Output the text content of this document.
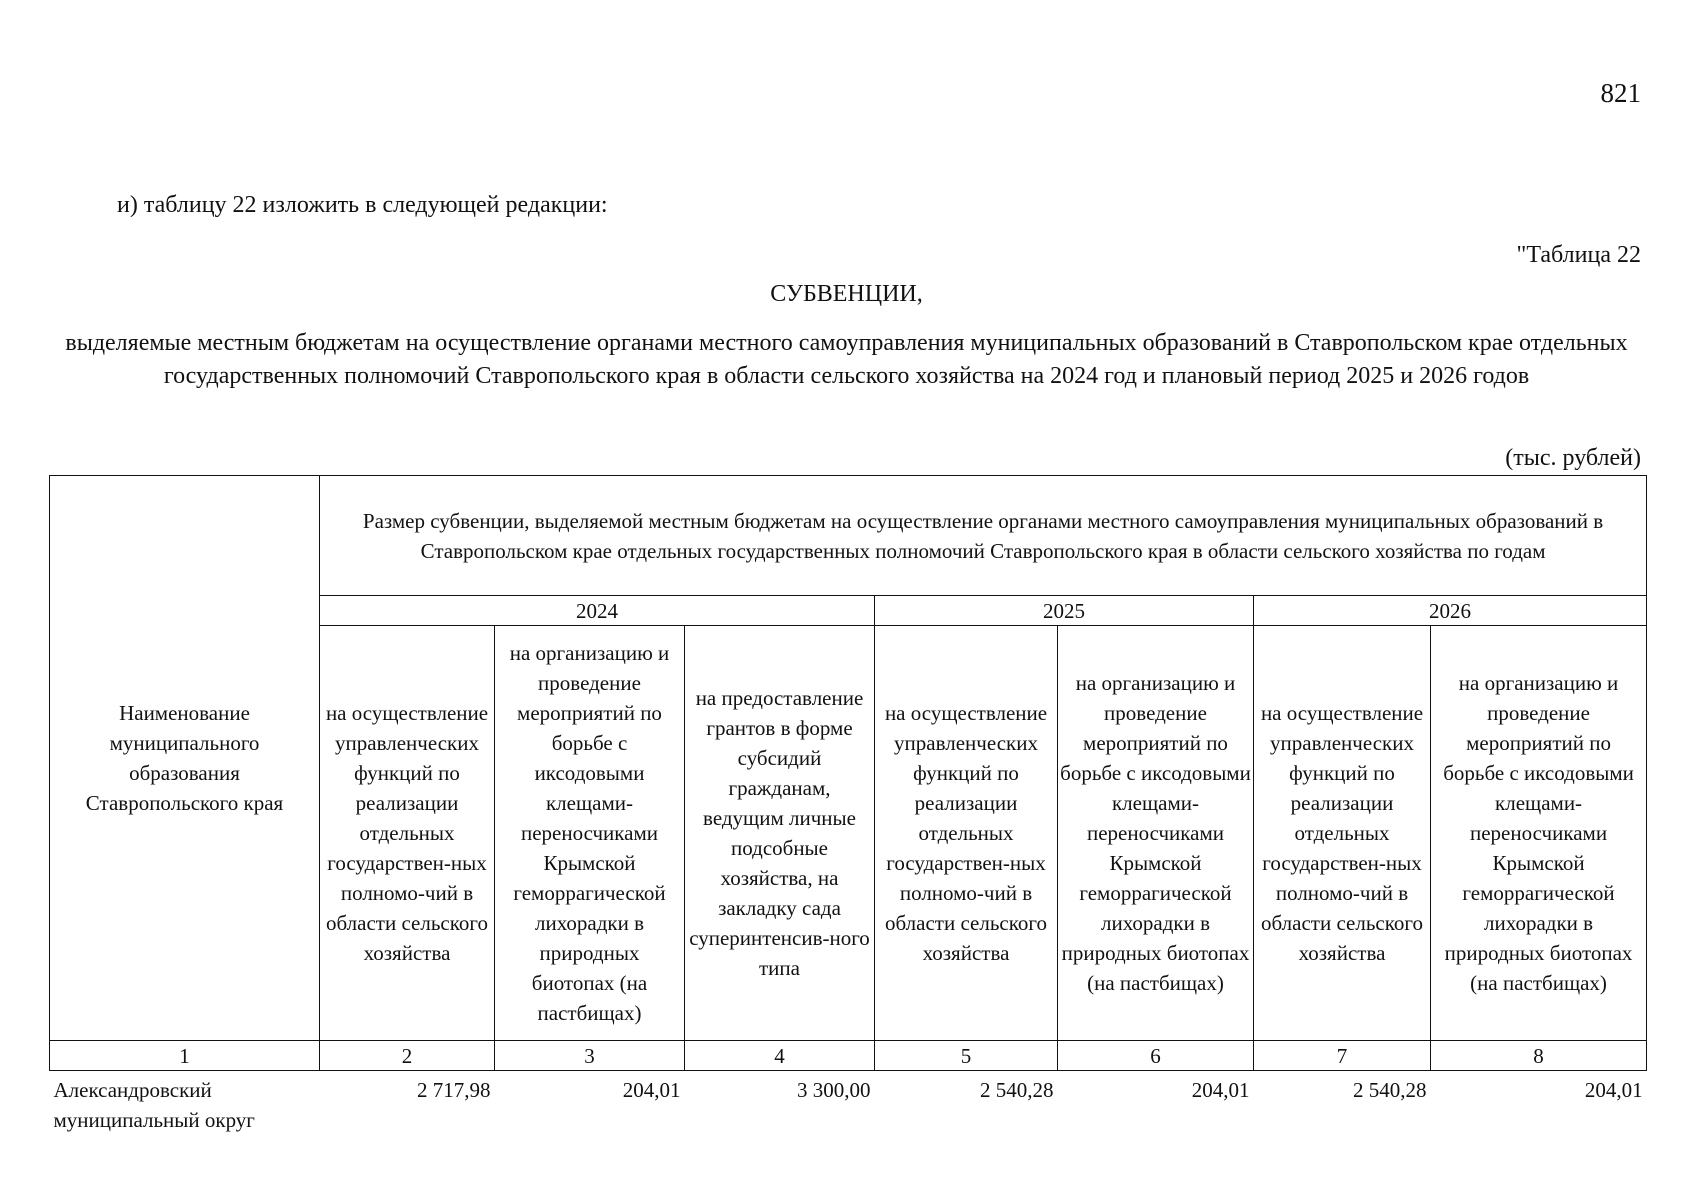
821
и) таблицу 22 изложить в следующей редакции:
"Таблица 22
СУБВЕНЦИИ,
выделяемые местным бюджетам на осуществление органами местного самоуправления муниципальных образований в Ставропольском крае отдельных государственных полномочий Ставропольского края в области сельского хозяйства на 2024 год и плановый период 2025 и 2026 годов
(тыс. рублей)
Наименование муниципального образования Ставропольского края	Размер субвенции, выделяемой местным бюджетам на осуществление органами местного самоуправления муниципальных образований в Ставропольском крае отдельных государственных полномочий Ставропольского края в области сельского хозяйства по годам						
	2024			2025		2026	
	на осуществление управленческих функций по реализации отдельных государствен-ных полномо-чий в области сельского хозяйства	на организацию и проведение мероприятий по борьбе с иксодовыми клещами-переносчиками Крымской геморрагической лихорадки в природных биотопах (на пастбищах)	на предоставление грантов в форме субсидий гражданам, ведущим личные подсобные хозяйства, на закладку сада суперинтенсив-ного типа	на осуществление управленческих функций по реализации отдельных государствен-ных полномо-чий в области сельского хозяйства	на организацию и проведение мероприятий по борьбе с иксодовыми клещами-переносчиками Крымской геморрагической лихорадки в природных биотопах (на пастбищах)	на осуществление управленческих функций по реализации отдельных государствен-ных полномо-чий в области сельского хозяйства	на организацию и проведение мероприятий по борьбе с иксодовыми клещами-переносчиками Крымской геморрагической лихорадки в природных биотопах (на пастбищах)
1	2	3	4	5	6	7	8
Александровский муниципальный округ	2 717,98	204,01	3 300,00	2 540,28	204,01	2 540,28	204,01
